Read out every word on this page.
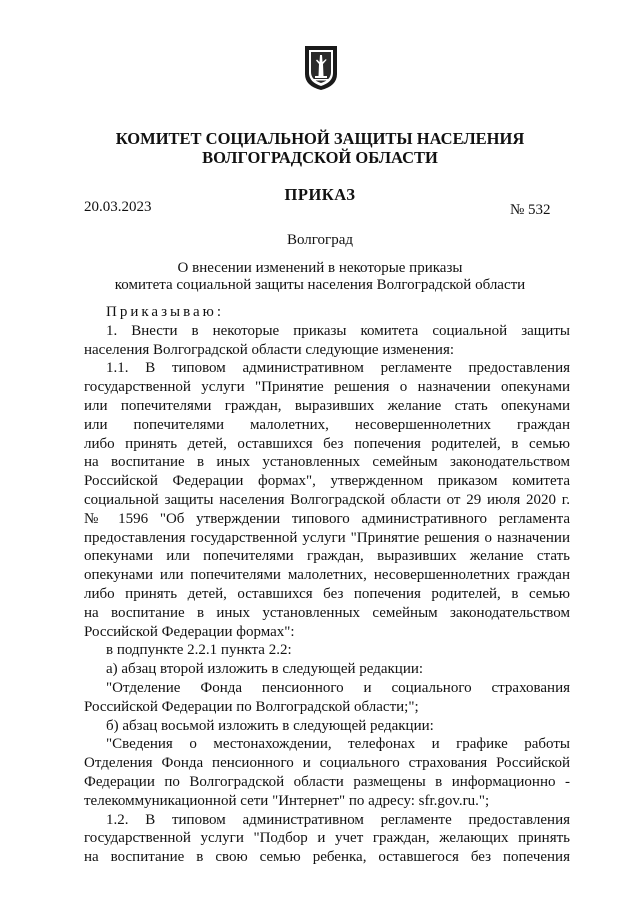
КОМИТЕТ СОЦИАЛЬНОЙ ЗАЩИТЫ НАСЕЛЕНИЯ
ВОЛГОГРАДСКОЙ ОБЛАСТИ
ПРИКАЗ
20.03.2023	№ 532
Волгоград
О внесении изменений в некоторые приказы
комитета социальной защиты населения Волгоградской области
Приказываю:
1. Внести в некоторые приказы комитета социальной защиты
населения Волгоградской области следующие изменения:
1.1. В типовом административном регламенте предоставления
государственной услуги "Принятие решения о назначении опекунами
или попечителями граждан, выразивших желание стать опекунами
или попечителями малолетних, несовершеннолетних граждан
либо принять детей, оставшихся без попечения родителей, в семью
на воспитание в иных установленных семейным законодательством
Российской Федерации формах", утвержденном приказом комитета
социальной защиты населения Волгоградской области от 29 июля 2020 г.
№ 1596 "Об утверждении типового административного регламента
предоставления государственной услуги "Принятие решения о назначении
опекунами или попечителями граждан, выразивших желание стать
опекунами или попечителями малолетних, несовершеннолетних граждан
либо принять детей, оставшихся без попечения родителей, в семью
на воспитание в иных установленных семейным законодательством
Российской Федерации формах":
в подпункте 2.2.1 пункта 2.2:
а) абзац второй изложить в следующей редакции:
"Отделение Фонда пенсионного и социального страхования
Российской Федерации по Волгоградской области;";
б) абзац восьмой изложить в следующей редакции:
"Сведения о местонахождении, телефонах и графике работы
Отделения Фонда пенсионного и социального страхования Российской
Федерации по Волгоградской области размещены в информационно -
телекоммуникационной сети "Интернет" по адресу: sfr.gov.ru.";
1.2. В типовом административном регламенте предоставления
государственной услуги "Подбор и учет граждан, желающих принять
на воспитание в свою семью ребенка, оставшегося без попечения
